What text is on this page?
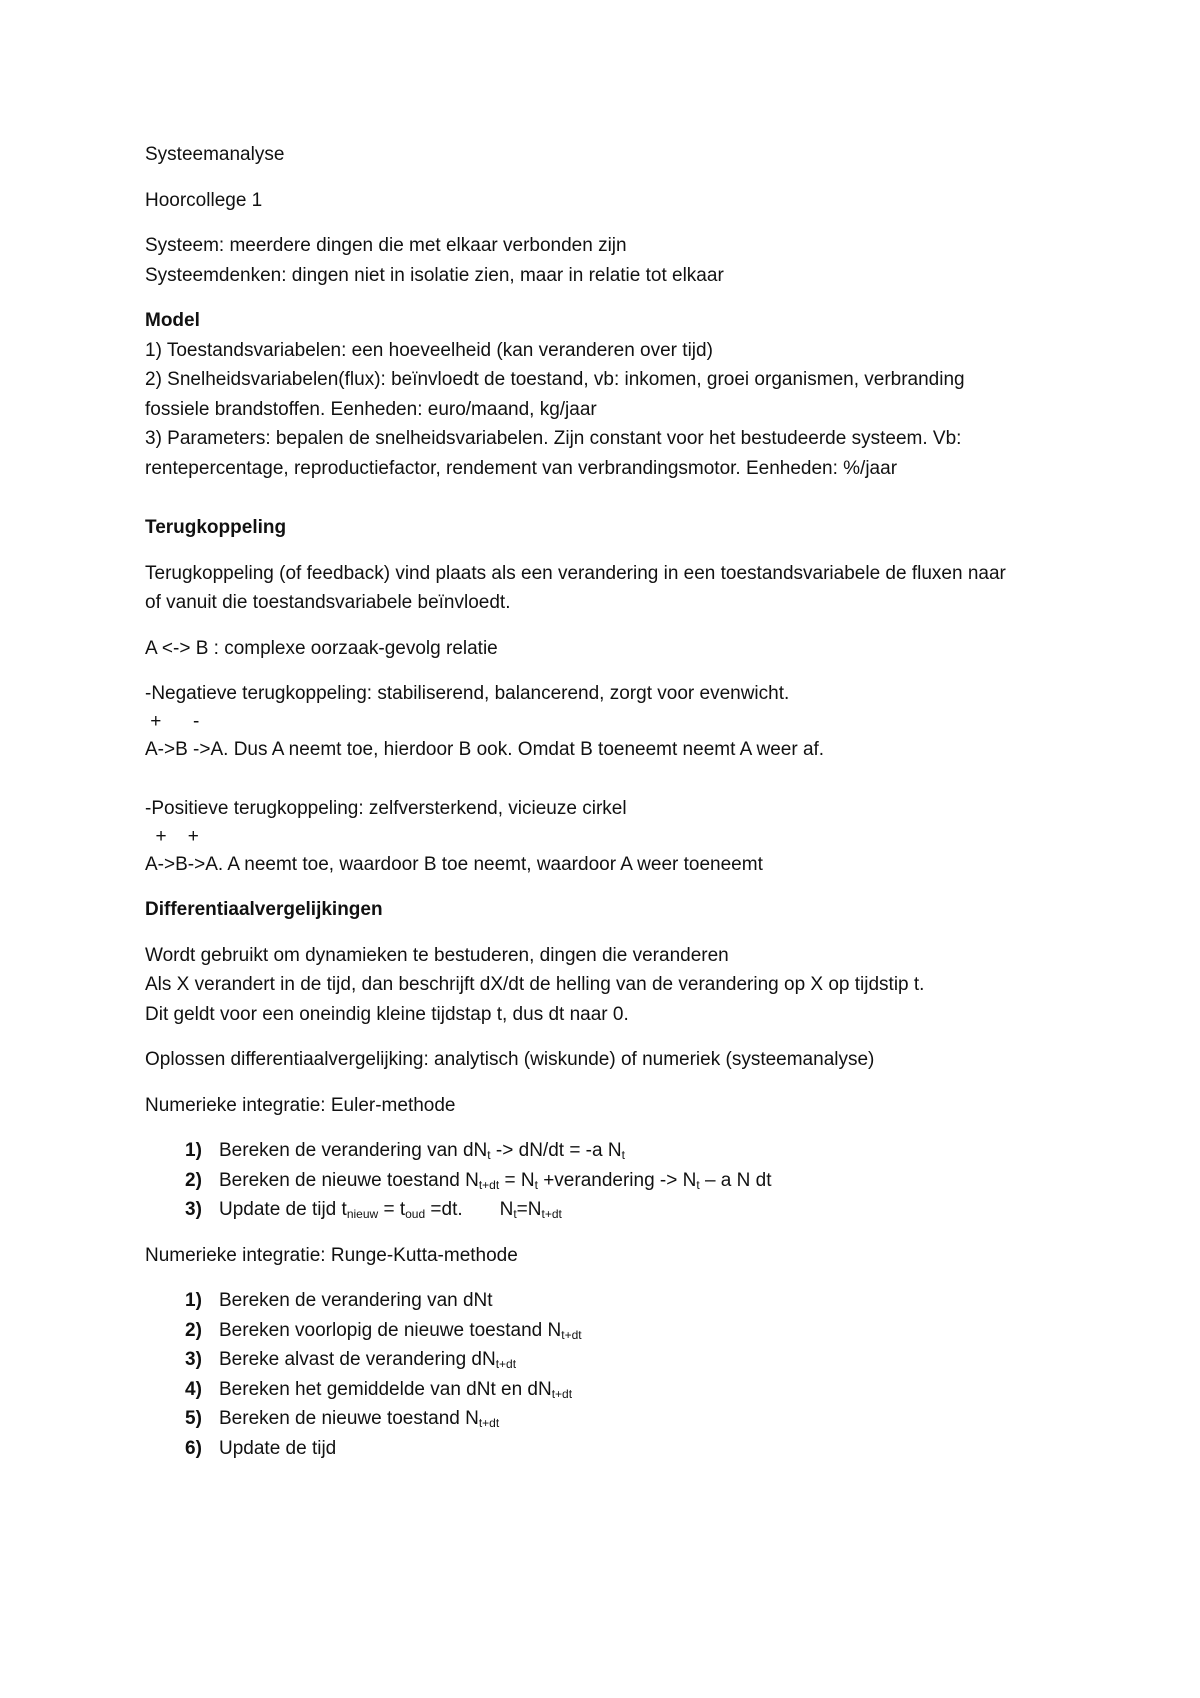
Systeemanalyse
Hoorcollege 1
Systeem: meerdere dingen die met elkaar verbonden zijn
Systeemdenken: dingen niet in isolatie zien, maar in relatie tot elkaar
Model
1) Toestandsvariabelen: een hoeveelheid (kan veranderen over tijd)
2) Snelheidsvariabelen(flux): beïnvloedt de toestand, vb: inkomen, groei organismen, verbranding
fossiele brandstoffen. Eenheden: euro/maand, kg/jaar
3) Parameters: bepalen de snelheidsvariabelen. Zijn constant voor het bestudeerde systeem. Vb:
rentepercentage, reproductiefactor, rendement van verbrandingsmotor. Eenheden: %/jaar
Terugkoppeling
Terugkoppeling (of feedback) vind plaats als een verandering in een toestandsvariabele de fluxen naar
of vanuit die toestandsvariabele beïnvloedt.
A <-> B : complexe oorzaak-gevolg relatie
-Negatieve terugkoppeling: stabiliserend, balancerend, zorgt voor evenwicht.
+      -
A->B ->A. Dus A neemt toe, hierdoor B ook. Omdat B toeneemt neemt A weer af.
-Positieve terugkoppeling: zelfversterkend, vicieuze cirkel
+    +
A->B->A. A neemt toe, waardoor B toe neemt, waardoor A weer toeneemt
Differentiaalvergelijkingen
Wordt gebruikt om dynamieken te bestuderen, dingen die veranderen
Als X verandert in de tijd, dan beschrijft dX/dt de helling van de verandering op X op tijdstip t.
Dit geldt voor een oneindig kleine tijdstap t, dus dt naar 0.
Oplossen differentiaalvergelijking: analytisch (wiskunde) of numeriek (systeemanalyse)
Numerieke integratie: Euler-methode
1) Bereken de verandering van $dN_t -> dN/dt = -a$ $N_t$
2) Bereken de nieuwe toestand $N_{t+dt} = N_t$ +verandering -> $N_t$ – a N dt
3) Update de tijd $t_{nieuw} = t_{oud} =dt$.       $N_t=N_{t+dt}$
Numerieke integratie: Runge-Kutta-methode
1) Bereken de verandering van dNt
2) Bereken voorlopig de nieuwe toestand $N_{t+dt}$
3) Bereke alvast de verandering $dN_{t+dt}$
4) Bereken het gemiddelde van dNt en $dN_{t+dt}$
5) Bereken de nieuwe toestand $N_{t+dt}$
6) Update de tijd
